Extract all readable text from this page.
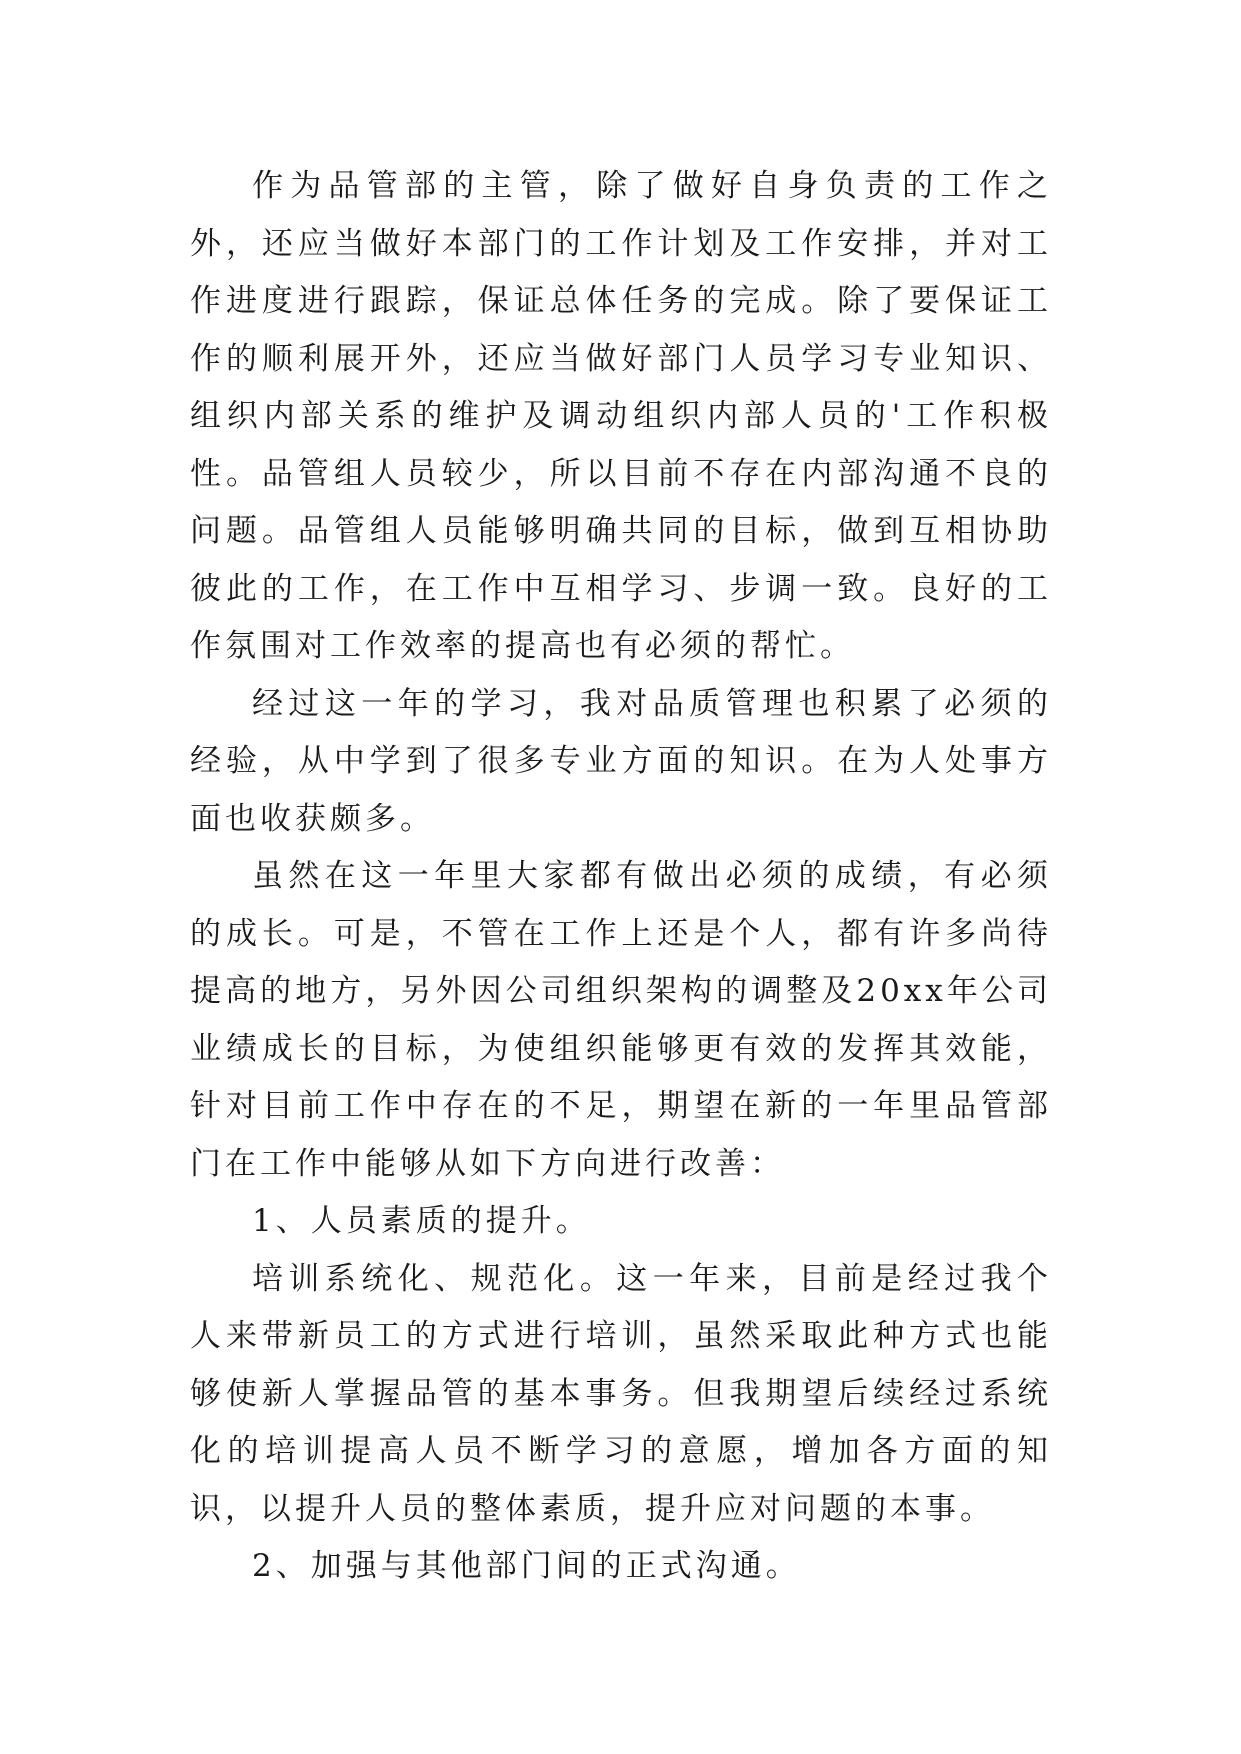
作为品管部的主管，除了做好自身负责的工作之外，还应当做好本部门的工作计划及工作安排，并对工作进度进行跟踪，保证总体任务的完成。除了要保证工作的顺利展开外，还应当做好部门人员学习专业知识、组织内部关系的维护及调动组织内部人员的'工作积极性。品管组人员较少，所以目前不存在内部沟通不良的问题。品管组人员能够明确共同的目标，做到互相协助彼此的工作，在工作中互相学习、步调一致。良好的工作氛围对工作效率的提高也有必须的帮忙。

经过这一年的学习，我对品质管理也积累了必须的经验，从中学到了很多专业方面的知识。在为人处事方面也收获颇多。

虽然在这一年里大家都有做出必须的成绩，有必须的成长。可是，不管在工作上还是个人，都有许多尚待提高的地方，另外因公司组织架构的调整及20xx年公司业绩成长的目标，为使组织能够更有效的发挥其效能，针对目前工作中存在的不足，期望在新的一年里品管部门在工作中能够从如下方向进行改善：

1、人员素质的提升。

培训系统化、规范化。这一年来，目前是经过我个人来带新员工的方式进行培训，虽然采取此种方式也能够使新人掌握品管的基本事务。但我期望后续经过系统化的培训提高人员不断学习的意愿，增加各方面的知识，以提升人员的整体素质，提升应对问题的本事。

2、加强与其他部门间的正式沟通。
